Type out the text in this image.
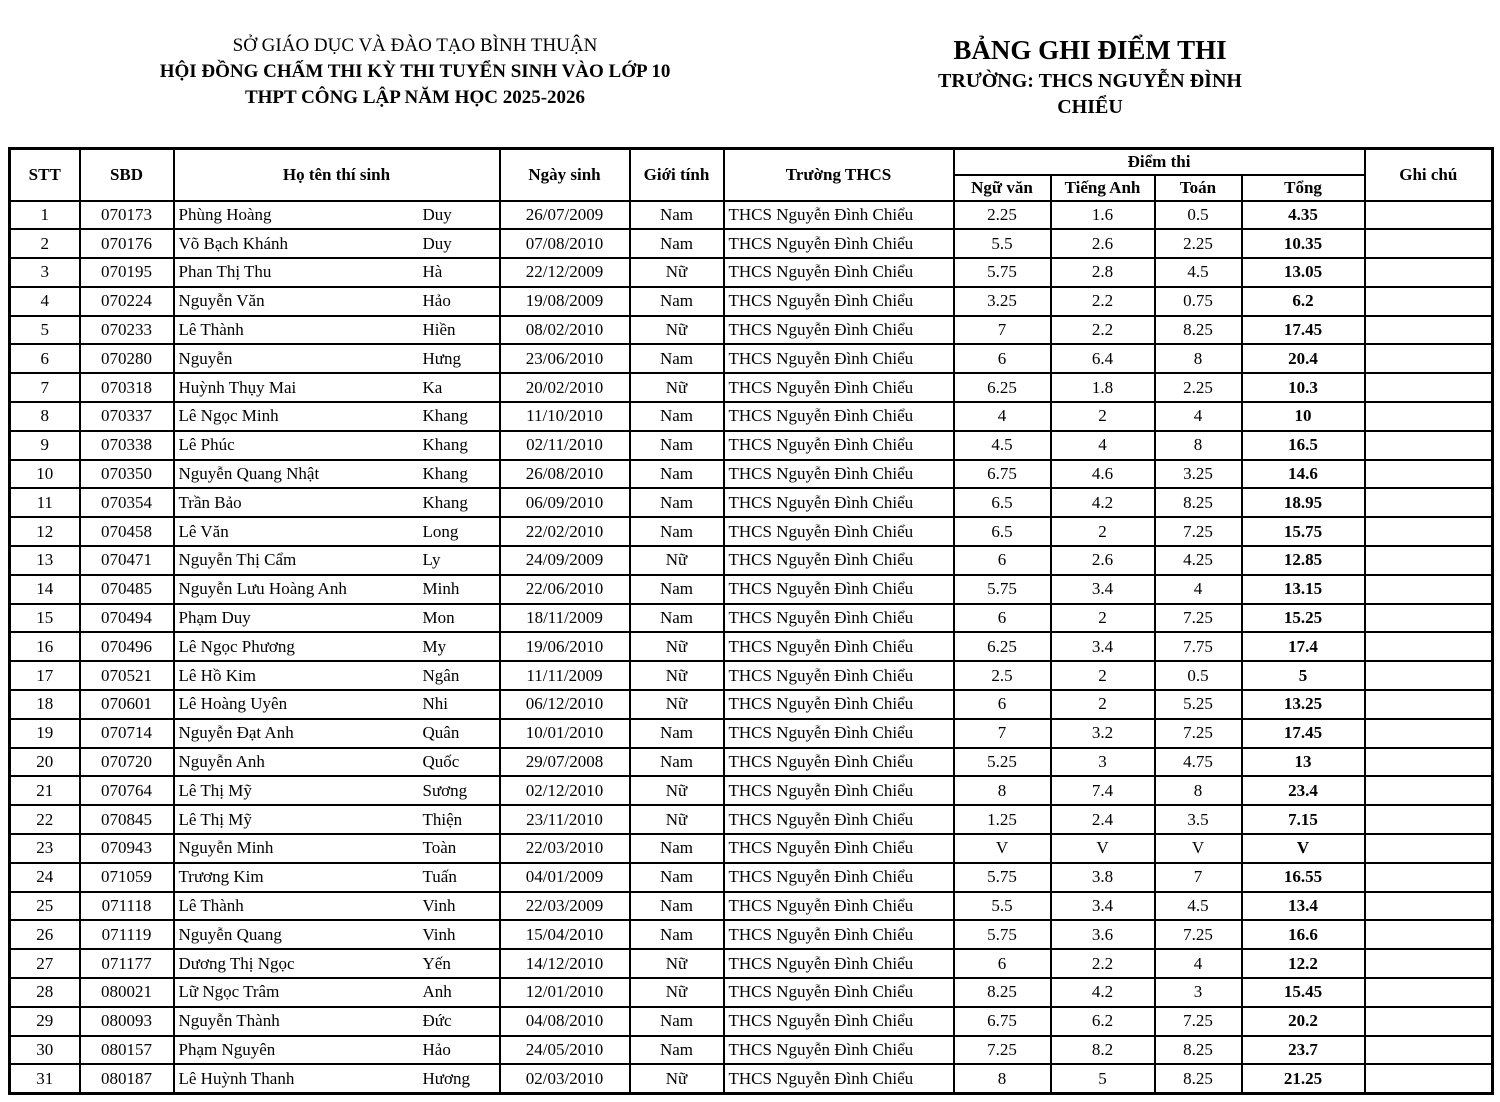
SỞ GIÁO DỤC VÀ ĐÀO TẠO BÌNH THUẬN
HỘI ĐỒNG CHẤM THI KỲ THI TUYỂN SINH VÀO LỚP 10
THPT CÔNG LẬP NĂM HỌC 2025-2026
BẢNG GHI ĐIỂM THI
TRƯỜNG: THCS NGUYỄN ĐÌNH CHIỂU
STT	SBD	Họ tên thí sinh	Ngày sinh	Giới tính	Trường THCS	Điểm thi				Ghi chú
						Ngữ văn	Tiếng Anh	Toán	Tổng	
1	070173	Phùng Hoàng Duy	26/07/2009	Nam	THCS Nguyễn Đình Chiểu	2.25	1.6	0.5	4.35	
2	070176	Võ Bạch Khánh Duy	07/08/2010	Nam	THCS Nguyễn Đình Chiểu	5.5	2.6	2.25	10.35	
3	070195	Phan Thị Thu Hà	22/12/2009	Nữ	THCS Nguyễn Đình Chiểu	5.75	2.8	4.5	13.05	
4	070224	Nguyễn Văn Hảo	19/08/2009	Nam	THCS Nguyễn Đình Chiểu	3.25	2.2	0.75	6.2	
5	070233	Lê Thành Hiền	08/02/2010	Nữ	THCS Nguyễn Đình Chiểu	7	2.2	8.25	17.45	
6	070280	Nguyễn Hưng	23/06/2010	Nam	THCS Nguyễn Đình Chiểu	6	6.4	8	20.4	
7	070318	Huỳnh Thụy Mai Ka	20/02/2010	Nữ	THCS Nguyễn Đình Chiểu	6.25	1.8	2.25	10.3	
8	070337	Lê Ngọc Minh Khang	11/10/2010	Nam	THCS Nguyễn Đình Chiểu	4	2	4	10	
9	070338	Lê Phúc Khang	02/11/2010	Nam	THCS Nguyễn Đình Chiểu	4.5	4	8	16.5	
10	070350	Nguyễn Quang Nhật Khang	26/08/2010	Nam	THCS Nguyễn Đình Chiểu	6.75	4.6	3.25	14.6	
11	070354	Trần Bảo Khang	06/09/2010	Nam	THCS Nguyễn Đình Chiểu	6.5	4.2	8.25	18.95	
12	070458	Lê Văn Long	22/02/2010	Nam	THCS Nguyễn Đình Chiểu	6.5	2	7.25	15.75	
13	070471	Nguyễn Thị Cẩm Ly	24/09/2009	Nữ	THCS Nguyễn Đình Chiểu	6	2.6	4.25	12.85	
14	070485	Nguyễn Lưu Hoàng Anh Minh	22/06/2010	Nam	THCS Nguyễn Đình Chiểu	5.75	3.4	4	13.15	
15	070494	Phạm Duy Mon	18/11/2009	Nam	THCS Nguyễn Đình Chiểu	6	2	7.25	15.25	
16	070496	Lê Ngọc Phương My	19/06/2010	Nữ	THCS Nguyễn Đình Chiểu	6.25	3.4	7.75	17.4	
17	070521	Lê Hồ Kim Ngân	11/11/2009	Nữ	THCS Nguyễn Đình Chiểu	2.5	2	0.5	5	
18	070601	Lê Hoàng Uyên Nhi	06/12/2010	Nữ	THCS Nguyễn Đình Chiểu	6	2	5.25	13.25	
19	070714	Nguyễn Đạt Anh Quân	10/01/2010	Nam	THCS Nguyễn Đình Chiểu	7	3.2	7.25	17.45	
20	070720	Nguyễn Anh Quốc	29/07/2008	Nam	THCS Nguyễn Đình Chiểu	5.25	3	4.75	13	
21	070764	Lê Thị Mỹ Sương	02/12/2010	Nữ	THCS Nguyễn Đình Chiểu	8	7.4	8	23.4	
22	070845	Lê Thị Mỹ Thiện	23/11/2010	Nữ	THCS Nguyễn Đình Chiểu	1.25	2.4	3.5	7.15	
23	070943	Nguyễn Minh Toàn	22/03/2010	Nam	THCS Nguyễn Đình Chiểu	V	V	V	V	
24	071059	Trương Kim Tuấn	04/01/2009	Nam	THCS Nguyễn Đình Chiểu	5.75	3.8	7	16.55	
25	071118	Lê Thành Vinh	22/03/2009	Nam	THCS Nguyễn Đình Chiểu	5.5	3.4	4.5	13.4	
26	071119	Nguyễn Quang Vinh	15/04/2010	Nam	THCS Nguyễn Đình Chiểu	5.75	3.6	7.25	16.6	
27	071177	Dương Thị Ngọc Yến	14/12/2010	Nữ	THCS Nguyễn Đình Chiểu	6	2.2	4	12.2	
28	080021	Lữ Ngọc Trâm Anh	12/01/2010	Nữ	THCS Nguyễn Đình Chiểu	8.25	4.2	3	15.45	
29	080093	Nguyễn Thành Đức	04/08/2010	Nam	THCS Nguyễn Đình Chiểu	6.75	6.2	7.25	20.2	
30	080157	Phạm Nguyên Hảo	24/05/2010	Nam	THCS Nguyễn Đình Chiểu	7.25	8.2	8.25	23.7	
31	080187	Lê Huỳnh Thanh Hương	02/03/2010	Nữ	THCS Nguyễn Đình Chiểu	8	5	8.25	21.25	
